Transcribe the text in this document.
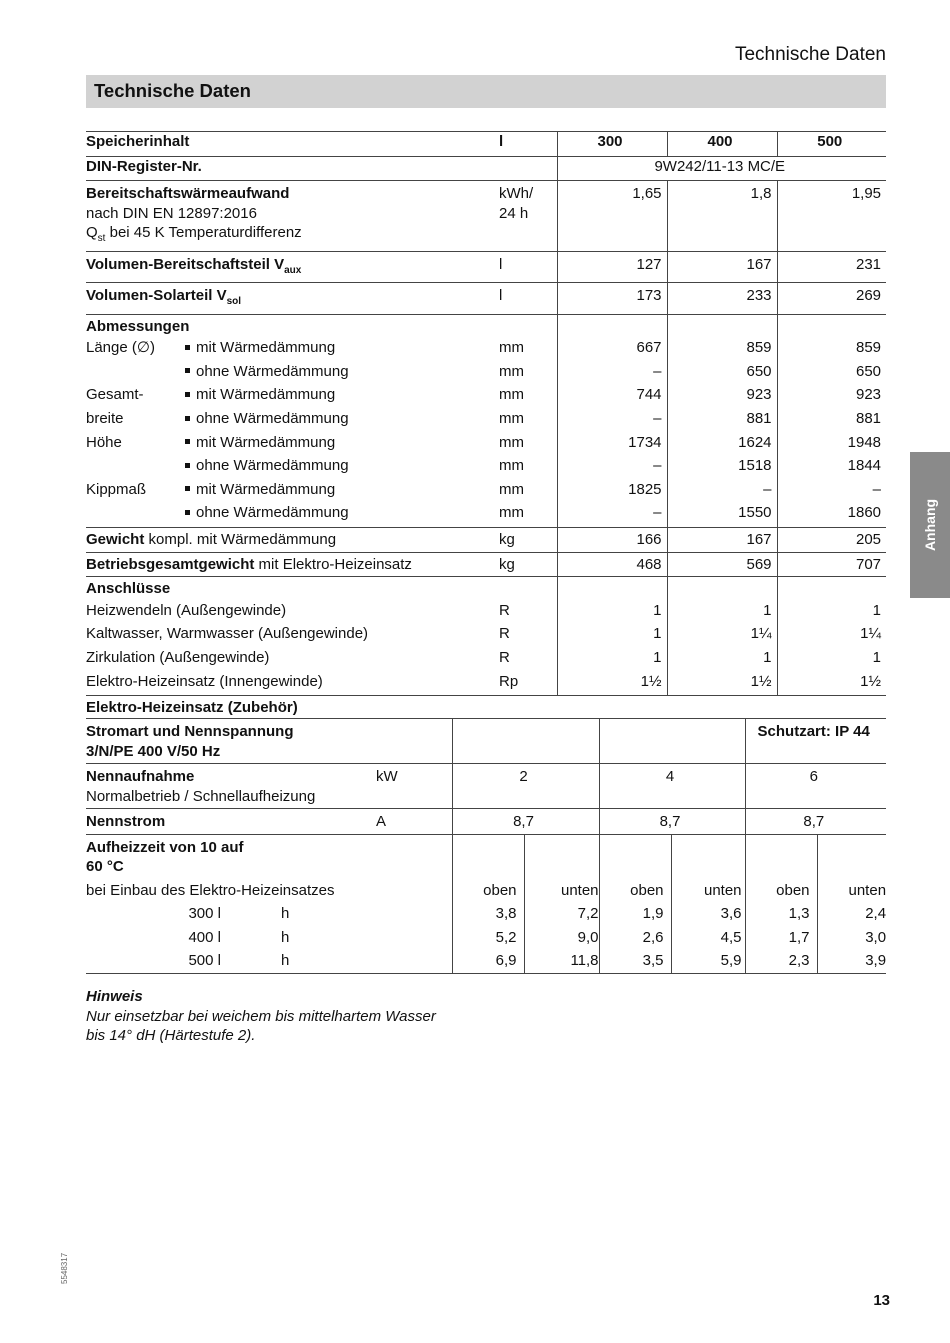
Technische Daten
Technische Daten
Anhang
Speicherinhalt		l	300	400	500
DIN-Register-Nr.			9W242/11-13 MC/E		
Bereitschaftswärmeaufwand
nach DIN EN 12897:2016
$Q_{st}$ bei 45 K Temperaturdifferenz		kWh/
24 h	1,65	1,8	1,95
Volumen-Bereitschaftsteil $V_{aux}$		l	127	167	231
Volumen-Solarteil $V_{sol}$		l	173	233	269
Abmessungen					
Länge (∅)	mit Wärmedämmung	mm	667	859	859
	ohne Wärmedämmung	mm	–	650	650
Gesamt-	mit Wärmedämmung	mm	744	923	923
breite	ohne Wärmedämmung	mm	–	881	881
Höhe	mit Wärmedämmung	mm	1734	1624	1948
	ohne Wärmedämmung	mm	–	1518	1844
Kippmaß	mit Wärmedämmung	mm	1825	–	–
	ohne Wärmedämmung	mm	–	1550	1860
Gewicht kompl. mit Wärmedämmung		kg	166	167	205
Betriebsgesamtgewicht mit Elektro-Heizeinsatz		kg	468	569	707
Anschlüsse					
Heizwendeln (Außengewinde)		R	1	1	1
Kaltwasser, Warmwasser (Außengewinde)		R	1	1¼	1¼
Zirkulation (Außengewinde)		R	1	1	1
Elektro-Heizeinsatz (Innengewinde)		Rp	1½	1½	1½
Elektro-Heizeinsatz (Zubehör)
Stromart und Nennspannung
3/N/PE 400 V/50 Hz							Schutzart: IP 44	
Nennaufnahme
Normalbetrieb / Schnellaufheizung		kW	2		4		6	
Nennstrom		A	8,7		8,7		8,7	
Aufheizzeit von 10 auf
60 °C								
bei Einbau des Elektro-Heizeinsatzes			oben	unten	oben	unten	oben	unten
300 l	h		3,8	7,2	1,9	3,6	1,3	2,4
400 l	h		5,2	9,0	2,6	4,5	1,7	3,0
500 l	h		6,9	11,8	3,5	5,9	2,3	3,9
Hinweis
Nur einsetzbar bei weichem bis mittelhartem Wasser
bis 14° dH (Härtestufe 2).
5548317
13
